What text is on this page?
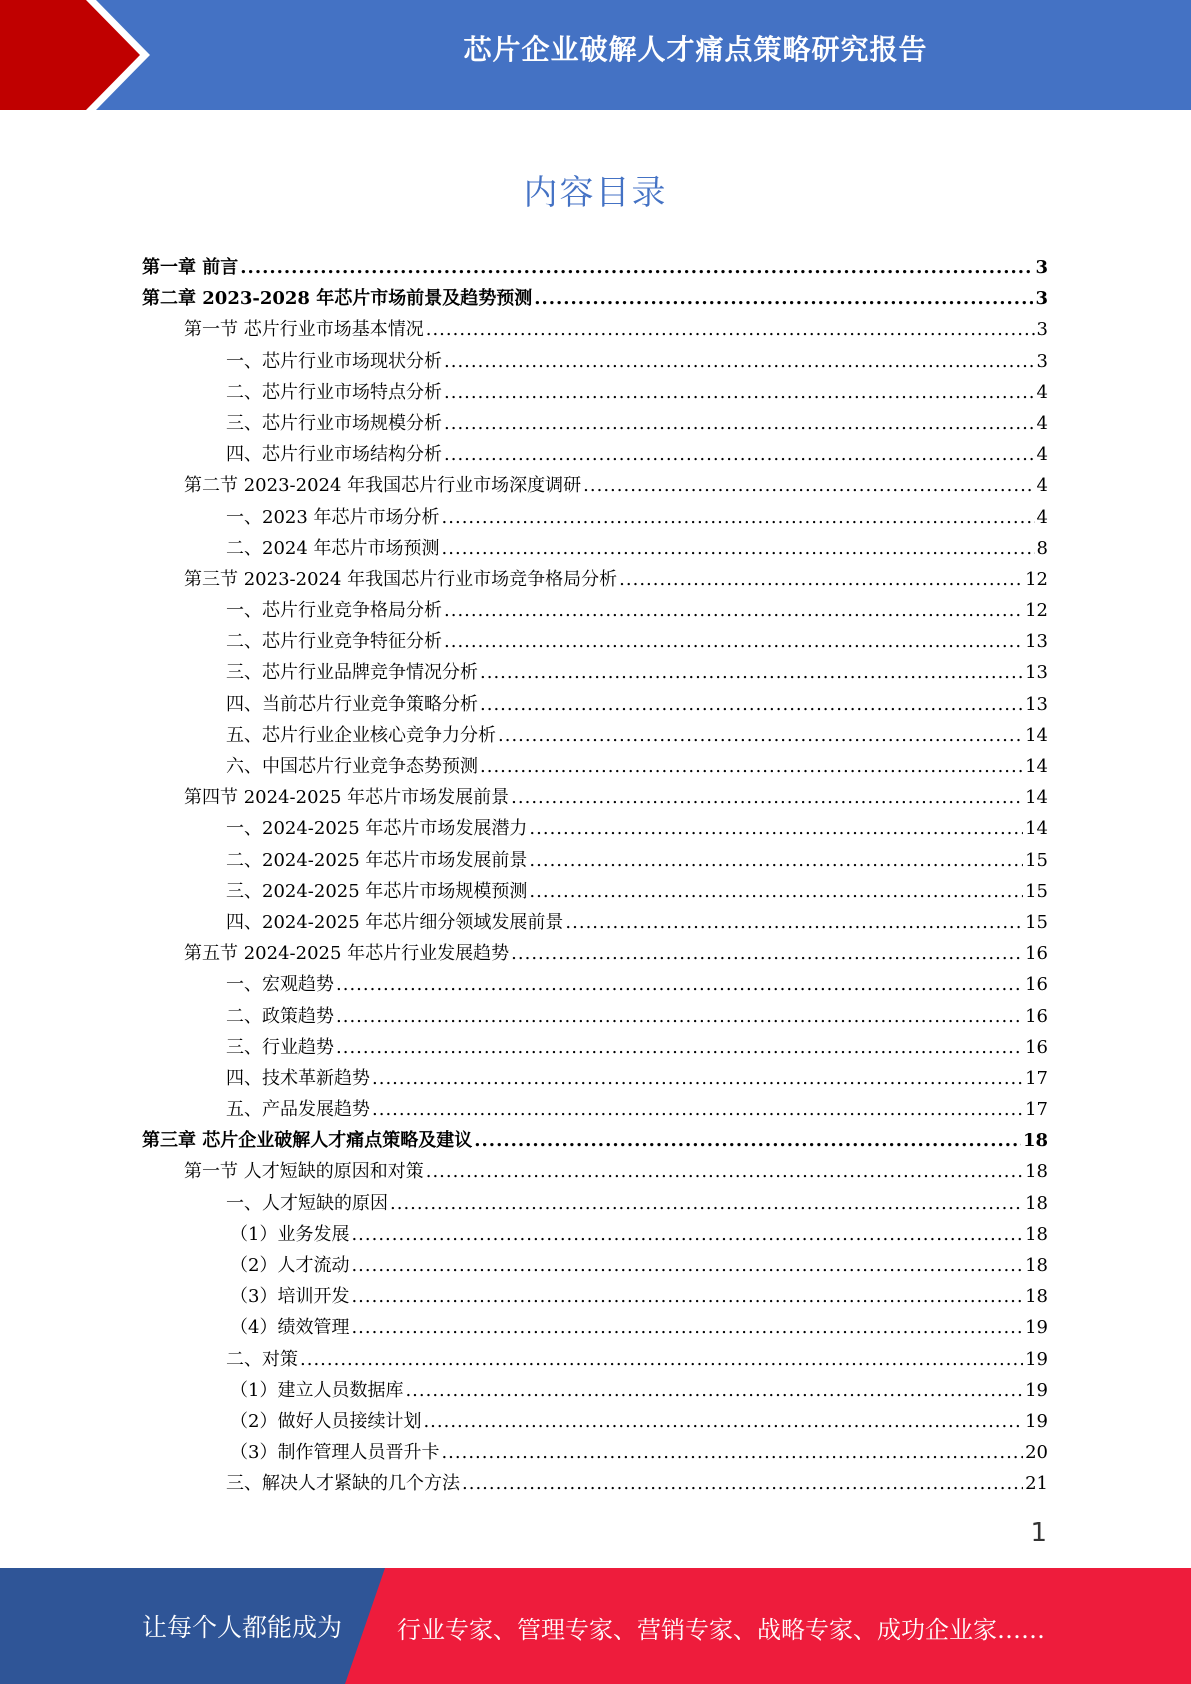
芯片企业破解人才痛点策略研究报告
内容目录
第一章 前言 .....	3
第二章 2023-2028 年芯片市场前景及趋势预测 .....	3
第一节 芯片行业市场基本情况 .....	3
一、芯片行业市场现状分析 .....	3
二、芯片行业市场特点分析 .....	4
三、芯片行业市场规模分析 .....	4
四、芯片行业市场结构分析 .....	4
第二节 2023-2024 年我国芯片行业市场深度调研 .....	4
一、2023 年芯片市场分析 .....	4
二、2024 年芯片市场预测 .....	8
第三节 2023-2024 年我国芯片行业市场竞争格局分析 .....	12
一、芯片行业竞争格局分析 .....	12
二、芯片行业竞争特征分析 .....	13
三、芯片行业品牌竞争情况分析 .....	13
四、当前芯片行业竞争策略分析 .....	13
五、芯片行业企业核心竞争力分析 .....	14
六、中国芯片行业竞争态势预测 .....	14
第四节 2024-2025 年芯片市场发展前景 .....	14
一、2024-2025 年芯片市场发展潜力 .....	14
二、2024-2025 年芯片市场发展前景 .....	15
三、2024-2025 年芯片市场规模预测 .....	15
四、2024-2025 年芯片细分领域发展前景 .....	15
第五节 2024-2025 年芯片行业发展趋势 .....	16
一、宏观趋势 .....	16
二、政策趋势 .....	16
三、行业趋势 .....	16
四、技术革新趋势 .....	17
五、产品发展趋势 .....	17
第三章 芯片企业破解人才痛点策略及建议 .....	18
第一节 人才短缺的原因和对策 .....	18
一、人才短缺的原因 .....	18
（1）业务发展 .....	18
（2）人才流动 .....	18
（3）培训开发 .....	18
（4）绩效管理 .....	19
二、对策 .....	19
（1）建立人员数据库 .....	19
（2）做好人员接续计划 .....	19
（3）制作管理人员晋升卡 .....	20
三、解决人才紧缺的几个方法 .....	21
1
让每个人都能成为 行业专家、管理专家、营销专家、战略专家、成功企业家……
